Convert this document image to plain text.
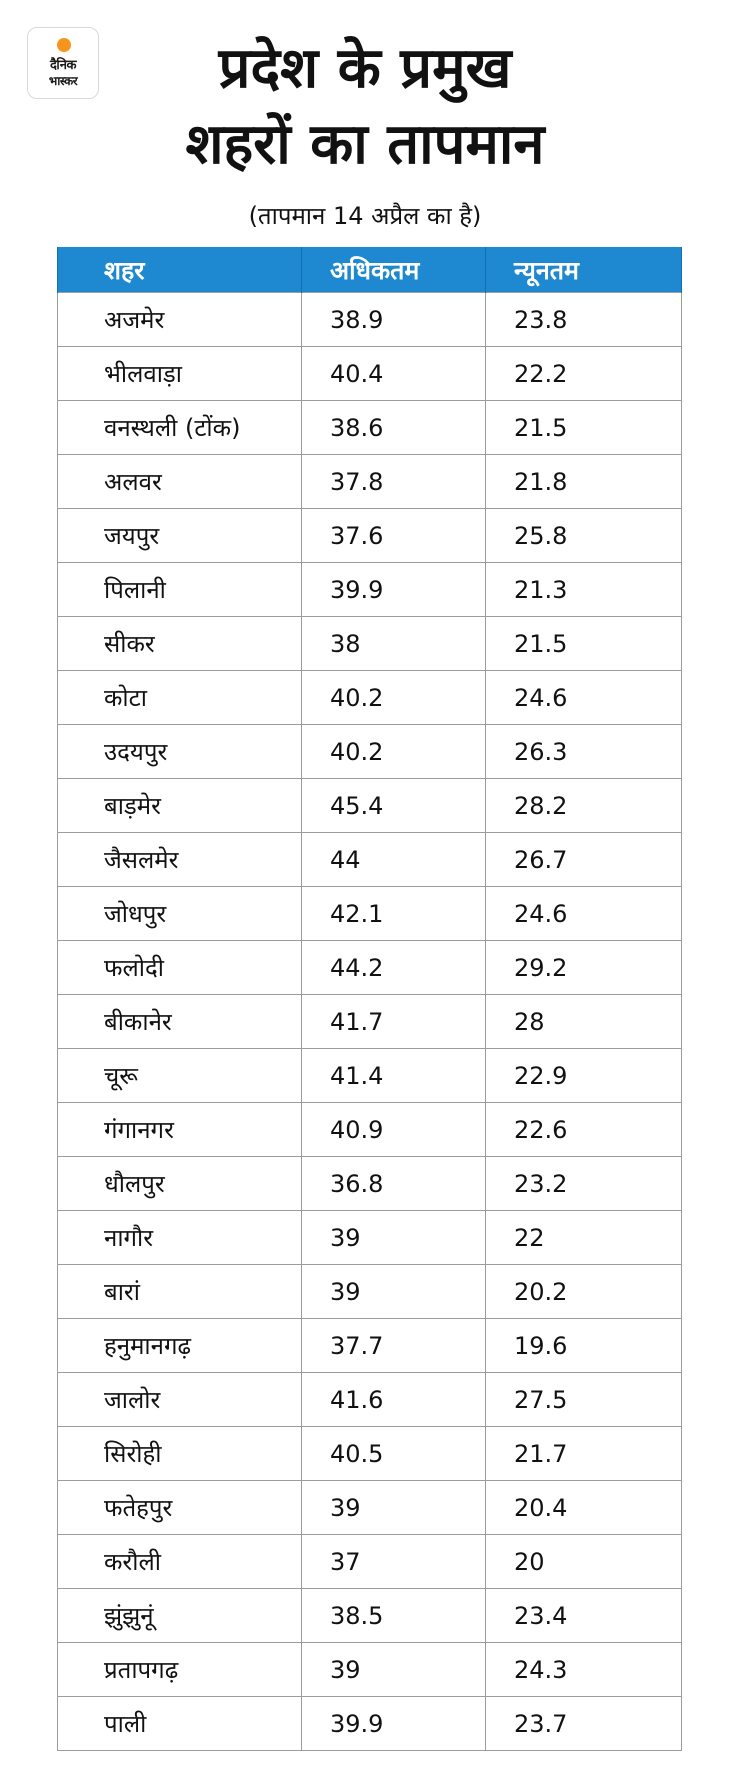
दैनिक
भास्कर	प्रदेश के प्रमुख
शहरों का तापमान
(तापमान 14 अप्रैल का है)
शहर	अधिकतम	न्यूनतम
अजमेर	38.9	23.8
भीलवाड़ा	40.4	22.2
वनस्थली (टोंक)	38.6	21.5
अलवर	37.8	21.8
जयपुर	37.6	25.8
पिलानी	39.9	21.3
सीकर	38	21.5
कोटा	40.2	24.6
उदयपुर	40.2	26.3
बाड़मेर	45.4	28.2
जैसलमेर	44	26.7
जोधपुर	42.1	24.6
फलोदी	44.2	29.2
बीकानेर	41.7	28
चूरू	41.4	22.9
गंगानगर	40.9	22.6
धौलपुर	36.8	23.2
नागौर	39	22
बारां	39	20.2
हनुमानगढ़	37.7	19.6
जालोर	41.6	27.5
सिरोही	40.5	21.7
फतेहपुर	39	20.4
करौली	37	20
झुंझुनूं	38.5	23.4
प्रतापगढ़	39	24.3
पाली	39.9	23.7
